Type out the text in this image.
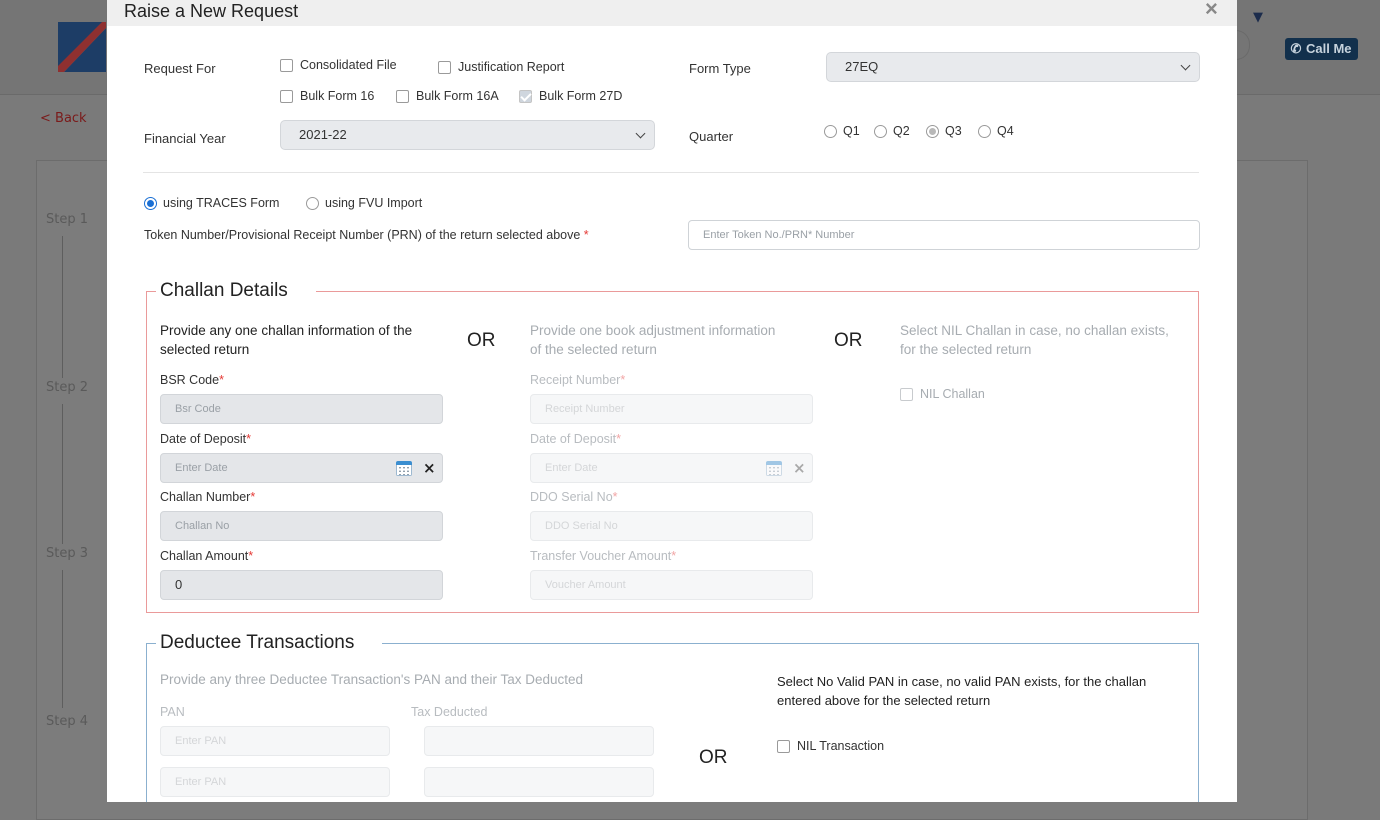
▼
✆ Call Me
< Back
Step 1
Step 2
Step 3
Step 4
Raise a New Request	×
Request For	Consolidated File	Justification Report
Bulk Form 16	Bulk Form 16A	Bulk Form 27D
Form Type	27EQ
Financial Year	2021-22	Quarter	Q1	Q2	Q3	Q4
using TRACES Form	using FVU Import
Token Number/Provisional Receipt Number (PRN) of the return selected above *	Enter Token No./PRN* Number
Challan Details
Provide any one challan information of the selected return	OR
BSR Code*
Bsr Code
Date of Deposit*
Enter Date	×
Challan Number*
Challan No
Challan Amount*
0
Provide one book adjustment information of the selected return	OR
Receipt Number*
Receipt Number
Date of Deposit*
Enter Date	×
DDO Serial No*
DDO Serial No
Transfer Voucher Amount*
Voucher Amount
Select NIL Challan in case, no challan exists, for the selected return
NIL Challan
Deductee Transactions
Provide any three Deductee Transaction's PAN and their Tax Deducted
PAN	Tax Deducted
Enter PAN
Enter PAN
OR
Select No Valid PAN in case, no valid PAN exists, for the challan entered above for the selected return
NIL Transaction
